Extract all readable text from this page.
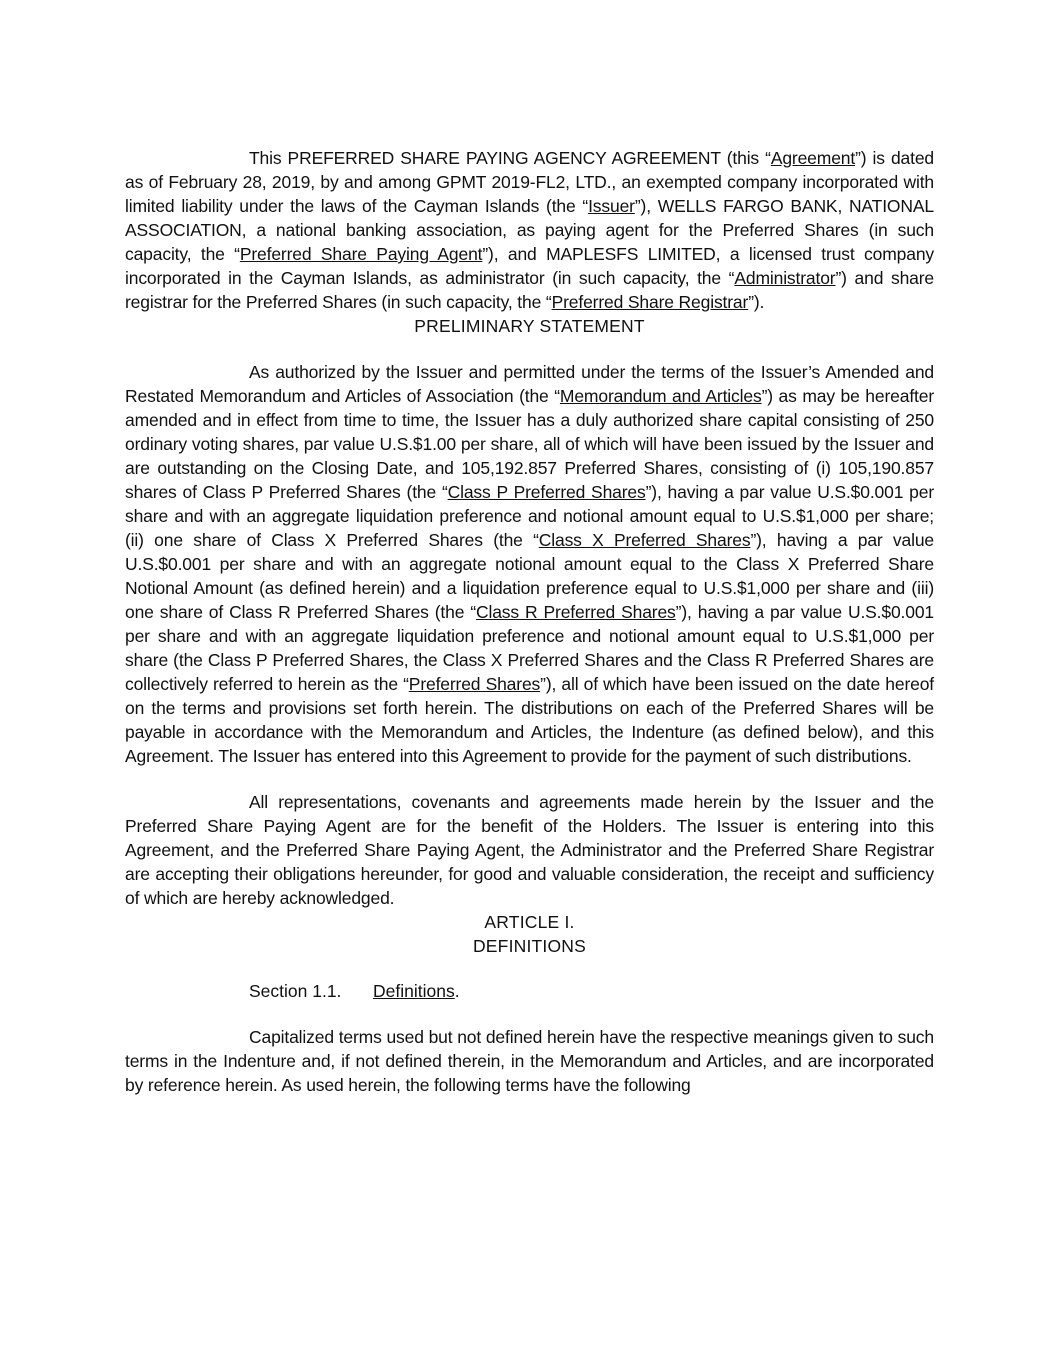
This PREFERRED SHARE PAYING AGENCY AGREEMENT (this “Agreement”) is dated as of February 28, 2019, by and among GPMT 2019-FL2, LTD., an exempted company incorporated with limited liability under the laws of the Cayman Islands (the “Issuer”), WELLS FARGO BANK, NATIONAL ASSOCIATION, a national banking association, as paying agent for the Preferred Shares (in such capacity, the “Preferred Share Paying Agent”), and MAPLESFS LIMITED, a licensed trust company incorporated in the Cayman Islands, as administrator (in such capacity, the “Administrator”) and share registrar for the Preferred Shares (in such capacity, the “Preferred Share Registrar”).

PRELIMINARY STATEMENT

As authorized by the Issuer and permitted under the terms of the Issuer’s Amended and Restated Memorandum and Articles of Association (the “Memorandum and Articles”) as may be hereafter amended and in effect from time to time, the Issuer has a duly authorized share capital consisting of 250 ordinary voting shares, par value U.S.$1.00 per share, all of which will have been issued by the Issuer and are outstanding on the Closing Date, and 105,192.857 Preferred Shares, consisting of (i) 105,190.857 shares of Class P Preferred Shares (the “Class P Preferred Shares”), having a par value U.S.$0.001 per share and with an aggregate liquidation preference and notional amount equal to U.S.$1,000 per share; (ii) one share of Class X Preferred Shares (the “Class X Preferred Shares”), having a par value U.S.$0.001 per share and with an aggregate notional amount equal to the Class X Preferred Share Notional Amount (as defined herein) and a liquidation preference equal to U.S.$1,000 per share and (iii) one share of Class R Preferred Shares (the “Class R Preferred Shares”), having a par value U.S.$0.001 per share and with an aggregate liquidation preference and notional amount equal to U.S.$1,000 per share (the Class P Preferred Shares, the Class X Preferred Shares and the Class R Preferred Shares are collectively referred to herein as the “Preferred Shares”), all of which have been issued on the date hereof on the terms and provisions set forth herein. The distributions on each of the Preferred Shares will be payable in accordance with the Memorandum and Articles, the Indenture (as defined below), and this Agreement. The Issuer has entered into this Agreement to provide for the payment of such distributions.

All representations, covenants and agreements made herein by the Issuer and the Preferred Share Paying Agent are for the benefit of the Holders. The Issuer is entering into this Agreement, and the Preferred Share Paying Agent, the Administrator and the Preferred Share Registrar are accepting their obligations hereunder, for good and valuable consideration, the receipt and sufficiency of which are hereby acknowledged.

ARTICLE I.
DEFINITIONS
Section 1.1. Definitions.

Capitalized terms used but not defined herein have the respective meanings given to such terms in the Indenture and, if not defined therein, in the Memorandum and Articles, and are incorporated by reference herein. As used herein, the following terms have the following
